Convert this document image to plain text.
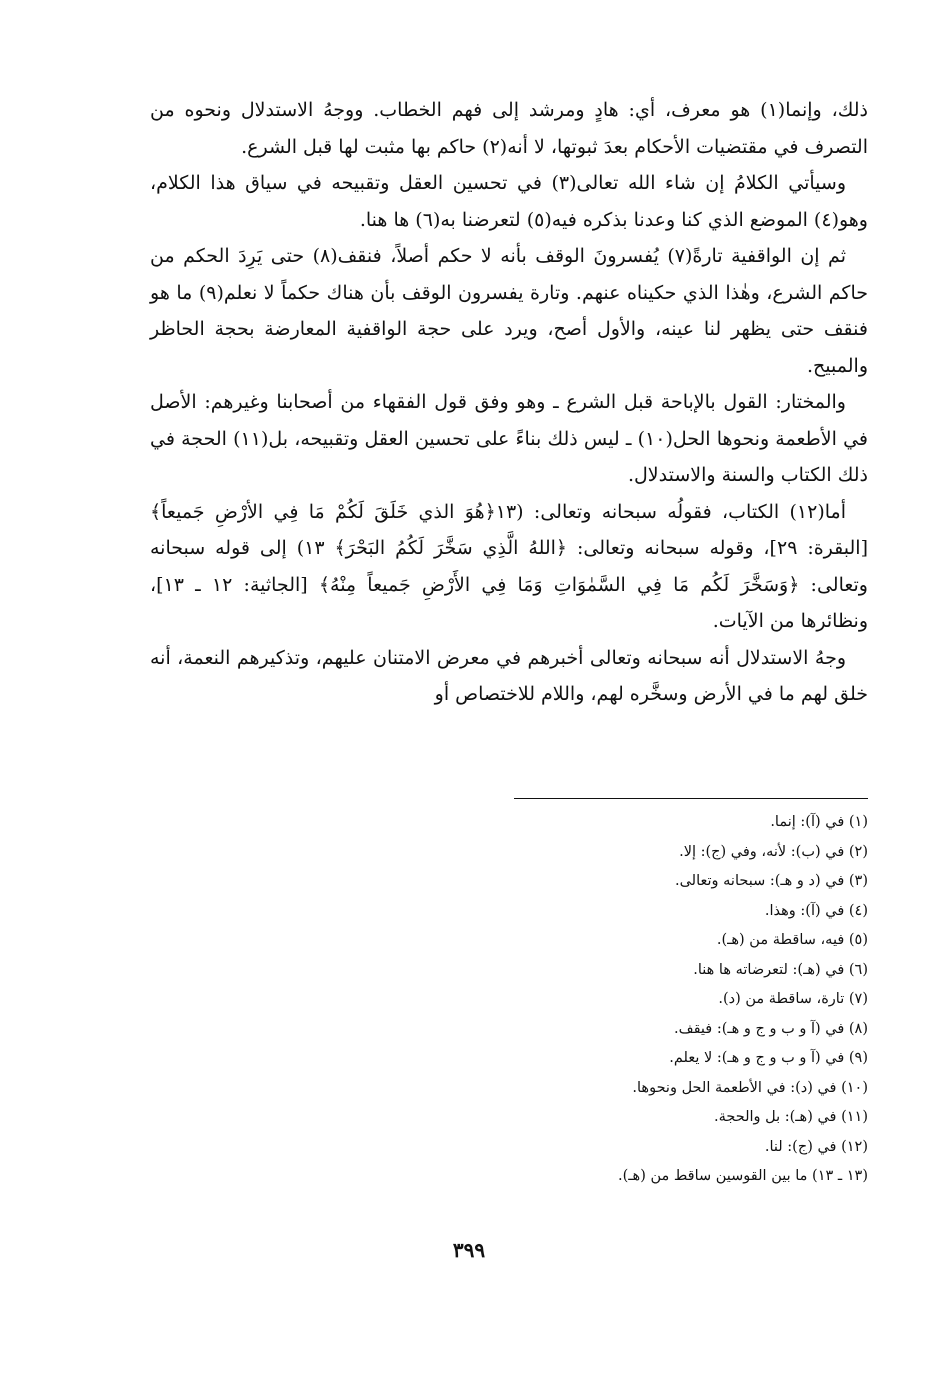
ذلك، وإنما(١) هو معرف، أي: هادٍ ومرشد إلى فهم الخطاب. ووجهُ الاستدلال ونحوه من التصرف في مقتضيات الأحكام بعدَ ثبوتها، لا أنه(٢) حاكم بها مثبت لها قبل الشرع.

وسيأتي الكلامُ إن شاء الله تعالى(٣) في تحسين العقل وتقبيحه في سياق هذا الكلام، وهو(٤) الموضع الذي كنا وعدنا بذكره فيه(٥) لتعرضنا به(٦) ها هنا.

ثم إن الواقفية تارةً(٧) يُفسرونَ الوقف بأنه لا حكم أصلاً، فنقف(٨) حتى يَرِدَ الحكم من حاكم الشرع، وهٰذا الذي حكيناه عنهم. وتارة يفسرون الوقف بأن هناك حكماً لا نعلم(٩) ما هو فنقف حتى يظهر لنا عينه، والأول أصح، ويرد على حجة الواقفية المعارضة بحجة الحاظر والمبيح.

والمختار: القول بالإباحة قبل الشرع ـ وهو وفق قول الفقهاء من أصحابنا وغيرهم: الأصل في الأطعمة ونحوها الحل(١٠) ـ ليس ذلك بناءً على تحسين العقل وتقبيحه، بل(١١) الحجة في ذلك الكتاب والسنة والاستدلال.

أما(١٢) الكتاب، فقولُه سبحانه وتعالى: (١٣﴿هُوَ الذي خَلَقَ لَكُمْ مَا فِي الأرْضِ جَميعاً﴾ [البقرة: ٢٩]، وقوله سبحانه وتعالى: ﴿اللهُ الَّذِي سَخَّرَ لَكُمُ البَحْرَ﴾ ١٣) إلى قوله سبحانه وتعالى: ﴿وَسَخَّرَ لَكُم مَا فِي السَّمٰوَاتِ وَمَا فِي الأَرْضِ جَميعاً مِنْهُ﴾ [الجاثية: ١٢ ـ ١٣]، ونظائرها من الآيات.

وجهُ الاستدلال أنه سبحانه وتعالى أخبرهم في معرض الامتنان عليهم، وتذكيرهم النعمة، أنه خلق لهم ما في الأرض وسخَّره لهم، واللام للاختصاص أو

(١) في (آ): إنما.
(٢) في (ب): لأنه، وفي (ج): إلا.
(٣) في (د و هـ): سبحانه وتعالى.
(٤) في (آ): وهذا.
(٥) فيه، ساقطة من (هـ).
(٦) في (هـ): لتعرضاته ها هنا.
(٧) تارة، ساقطة من (د).
(٨) في (آ و ب و ج و هـ): فيقف.
(٩) في (آ و ب و ج و هـ): لا يعلم.
(١٠) في (د): في الأطعمة الحل ونحوها.
(١١) في (هـ): بل والحجة.
(١٢) في (ج): لنا.
(١٣ ـ ١٣) ما بين القوسين ساقط من (هـ).
٣٩٩
